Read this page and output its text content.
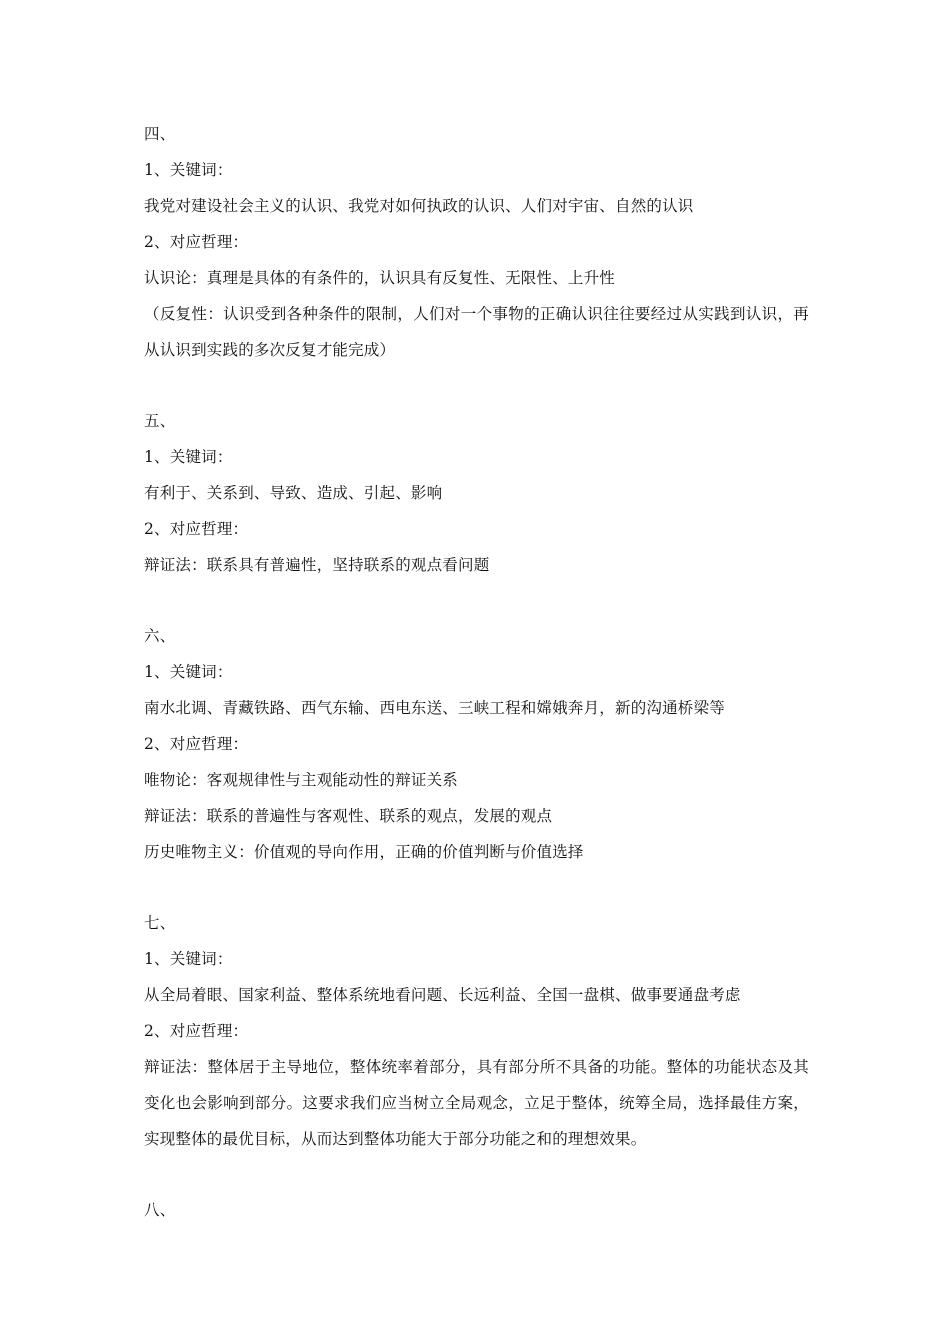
四、
1、关键词：
我党对建设社会主义的认识、我党对如何执政的认识、人们对宇宙、自然的认识
2、对应哲理：
认识论：真理是具体的有条件的，认识具有反复性、无限性、上升性
（反复性：认识受到各种条件的限制，人们对一个事物的正确认识往往要经过从实践到认识，再从认识到实践的多次反复才能完成）
五、
1、关键词：
有利于、关系到、导致、造成、引起、影响
2、对应哲理：
辩证法：联系具有普遍性，坚持联系的观点看问题
六、
1、关键词：
南水北调、青藏铁路、西气东输、西电东送、三峡工程和嫦娥奔月，新的沟通桥梁等
2、对应哲理：
唯物论：客观规律性与主观能动性的辩证关系
辩证法：联系的普遍性与客观性、联系的观点，发展的观点
历史唯物主义：价值观的导向作用，正确的价值判断与价值选择
七、
1、关键词：
从全局着眼、国家利益、整体系统地看问题、长远利益、全国一盘棋、做事要通盘考虑
2、对应哲理：
辩证法：整体居于主导地位，整体统率着部分，具有部分所不具备的功能。整体的功能状态及其变化也会影响到部分。这要求我们应当树立全局观念，立足于整体，统筹全局，选择最佳方案，实现整体的最优目标，从而达到整体功能大于部分功能之和的理想效果。
八、
